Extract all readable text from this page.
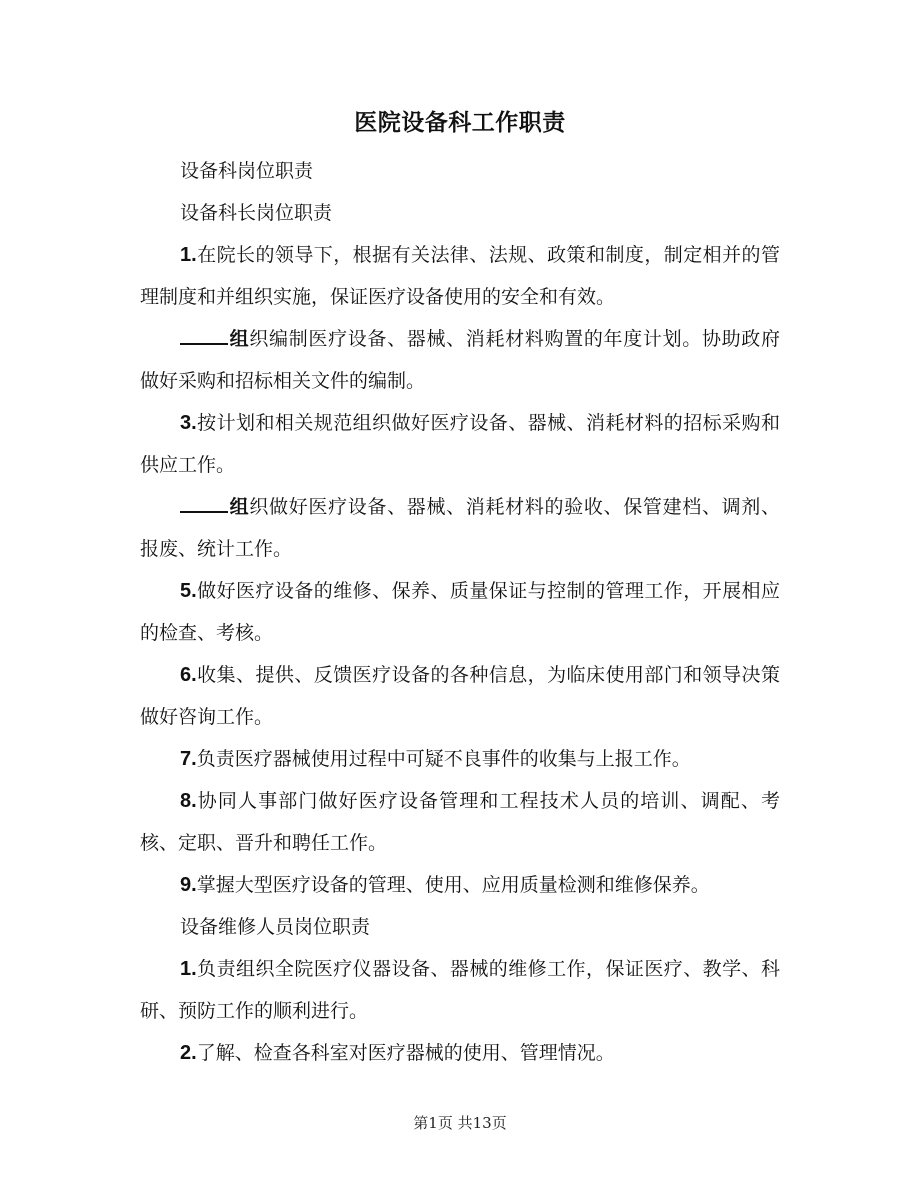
医院设备科工作职责

设备科岗位职责

设备科长岗位职责

1.在院长的领导下，根据有关法律、法规、政策和制度，制定相并的管理制度和并组织实施，保证医疗设备使用的安全和有效。

组织编制医疗设备、器械、消耗材料购置的年度计划。协助政府做好采购和招标相关文件的编制。

3.按计划和相关规范组织做好医疗设备、器械、消耗材料的招标采购和供应工作。

组织做好医疗设备、器械、消耗材料的验收、保管建档、调剂、报废、统计工作。

5.做好医疗设备的维修、保养、质量保证与控制的管理工作，开展相应的检查、考核。

6.收集、提供、反馈医疗设备的各种信息，为临床使用部门和领导决策做好咨询工作。

7.负责医疗器械使用过程中可疑不良事件的收集与上报工作。

8.协同人事部门做好医疗设备管理和工程技术人员的培训、调配、考核、定职、晋升和聘任工作。

9.掌握大型医疗设备的管理、使用、应用质量检测和维修保养。

设备维修人员岗位职责

1.负责组织全院医疗仪器设备、器械的维修工作，保证医疗、教学、科研、预防工作的顺利进行。

2.了解、检查各科室对医疗器械的使用、管理情况。

第1页 共13页
